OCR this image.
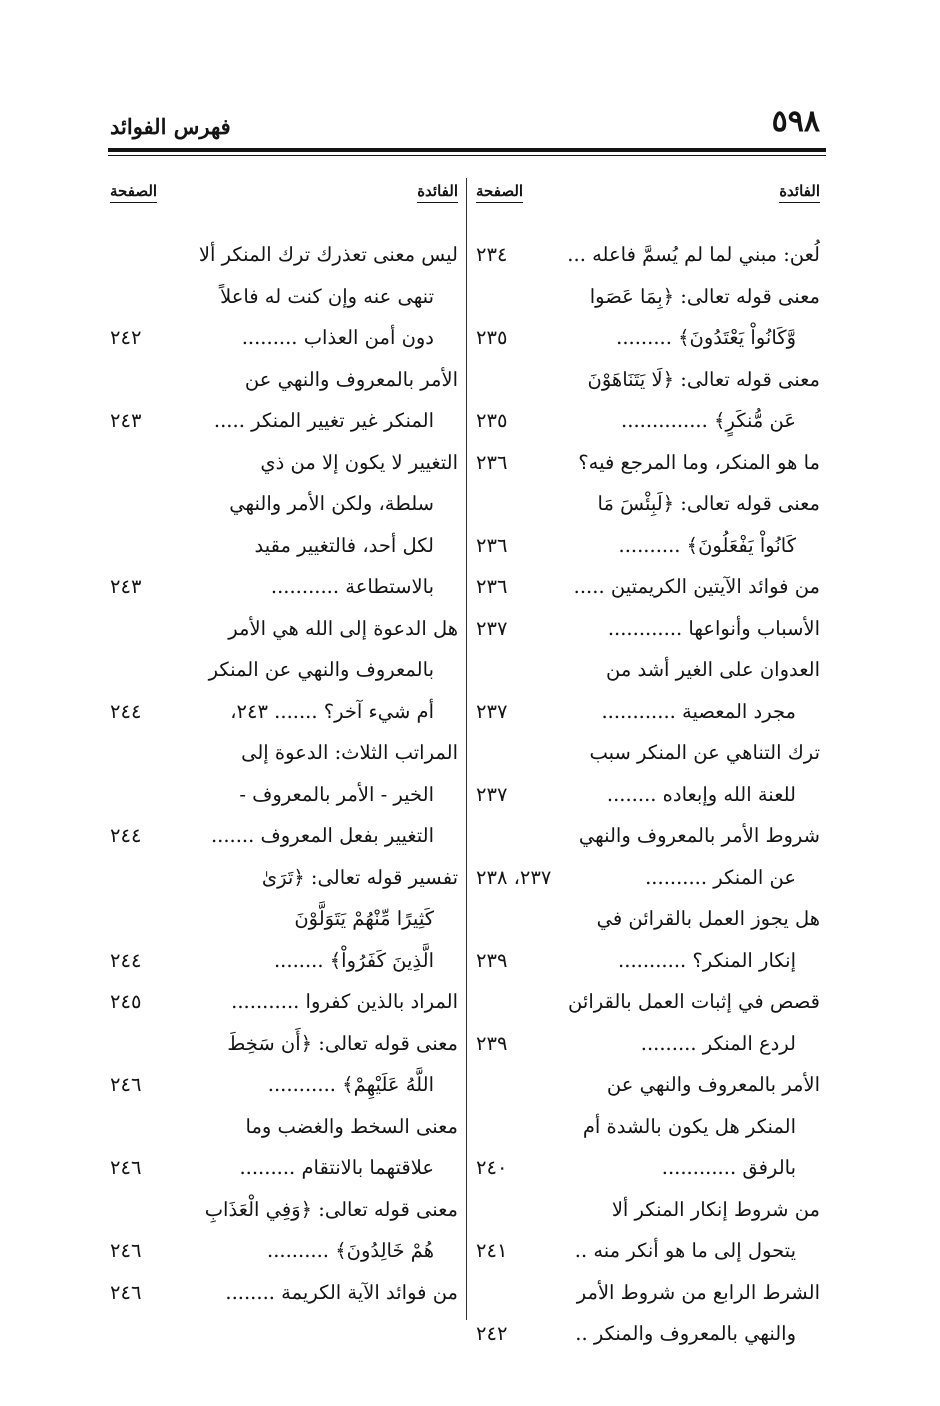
٥٩٨
فهرس الفوائد
الفائدة
الصفحة
لُعن: مبني لما لم يُسمَّ فاعله ...
٢٣٤
معنى قوله تعالى: ﴿بِمَا عَصَوا
وَّكَانُواْ يَعْتَدُونَ﴾ .........
٢٣٥
معنى قوله تعالى: ﴿لَا يَتَنَاهَوْنَ
عَن مُّنكَرٍ﴾ ..............
٢٣٥
ما هو المنكر، وما المرجع فيه؟
٢٣٦
معنى قوله تعالى: ﴿لَبِئْسَ مَا
كَانُواْ يَفْعَلُونَ﴾ ..........
٢٣٦
من فوائد الآيتين الكريمتين .....
٢٣٦
الأسباب وأنواعها ............
٢٣٧
العدوان على الغير أشد من
مجرد المعصية ............
٢٣٧
ترك التناهي عن المنكر سبب
للعنة الله وإبعاده ........
٢٣٧
شروط الأمر بالمعروف والنهي
عن المنكر ..........
٢٣٧، ٢٣٨
هل يجوز العمل بالقرائن في
إنكار المنكر؟ ...........
٢٣٩
قصص في إثبات العمل بالقرائن
لردع المنكر .........
٢٣٩
الأمر بالمعروف والنهي عن
المنكر هل يكون بالشدة أم
بالرفق ............
٢٤٠
من شروط إنكار المنكر ألا
يتحول إلى ما هو أنكر منه ..
٢٤١
الشرط الرابع من شروط الأمر
والنهي بالمعروف والمنكر ..
٢٤٢
الفائدة
الصفحة
ليس معنى تعذرك ترك المنكر ألا
تنهى عنه وإن كنت له فاعلاً
دون أمن العذاب .........
٢٤٢
الأمر بالمعروف والنهي عن
المنكر غير تغيير المنكر .....
٢٤٣
التغيير لا يكون إلا من ذي
سلطة، ولكن الأمر والنهي
لكل أحد، فالتغيير مقيد
بالاستطاعة ...........
٢٤٣
هل الدعوة إلى الله هي الأمر
بالمعروف والنهي عن المنكر
أم شيء آخر؟ ....... ٢٤٣،
٢٤٤
المراتب الثلاث: الدعوة إلى
الخير - الأمر بالمعروف -
التغيير بفعل المعروف .......
٢٤٤
تفسير قوله تعالى: ﴿تَرَىٰ
كَثِيرًا مِّنْهُمْ يَتَوَلَّوْنَ
الَّذِينَ كَفَرُواْ﴾ ........
٢٤٤
المراد بالذين كفروا ...........
٢٤٥
معنى قوله تعالى: ﴿أَن سَخِطَ
اللَّهُ عَلَيْهِمْ﴾ ...........
٢٤٦
معنى السخط والغضب وما
علاقتهما بالانتقام .........
٢٤٦
معنى قوله تعالى: ﴿وَفِي الْعَذَابِ
هُمْ خَالِدُونَ﴾ ..........
٢٤٦
من فوائد الآية الكريمة ........
٢٤٦
